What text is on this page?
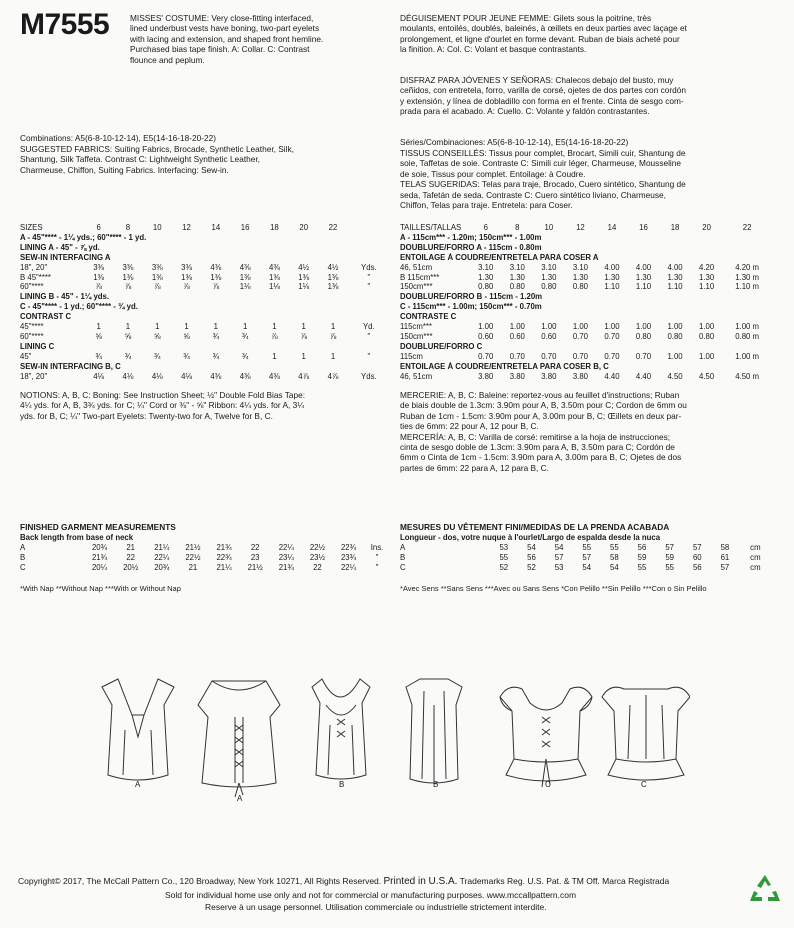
M7555	MISSES' COSTUME: Very close-fitting interfaced,
lined underbust vests have boning, two-part eyelets
with lacing and extension, and shaped front hemline.
Purchased bias tape finish. A: Collar. C: Contrast
flounce and peplum.
DÉGUISEMENT POUR JEUNE FEMME: Gilets sous la poitrine, très
moulants, entoilés, doublés, baleinés, à œillets en deux parties avec laçage et
prolongement, et ligne d'ourlet en forme devant. Ruban de biais acheté pour
la finition. A: Col. C: Volant et basque contrastants.
DISFRAZ PARA JÓVENES Y SEÑORAS: Chalecos debajo del busto, muy
ceñidos, con entretela, forro, varilla de corsé, ojetes de dos partes con cordón
y extensión, y línea de dobladillo con forma en el frente. Cinta de sesgo com-
prada para el acabado. A: Cuello. C: Volante y faldón contrastantes.
Combinations: A5(6-8-10-12-14), E5(14-16-18-20-22)
SUGGESTED FABRICS: Suiting Fabrics, Brocade, Synthetic Leather, Silk,
Shantung, Silk Taffeta. Contrast C: Lightweight Synthetic Leather,
Charmeuse, Chiffon, Suiting Fabrics. Interfacing: Sew-in.
SIZES	6	8	10	12	14	16	18	20	22	
A - 45"**** - 1¼ yds.; 60"**** - 1 yd.										
LINING A - 45" - ⅞ yd.										
SEW-IN INTERFACING A										
18", 20"	3⅜	3⅜	3⅜	3⅜	4⅜	4⅜	4⅜	4½	4½	Yds.
B 45"****	1⅜	1⅜	1⅜	1⅜	1⅜	1⅜	1⅜	1⅜	1⅜	"
60"****	⅞	⅞	⅞	⅞	⅞	1⅛	1⅛	1⅛	1⅜	"
LINING B - 45" - 1¼ yds.										
C - 45"**** - 1 yd.; 60"**** - ¾ yd.										
CONTRAST C										
45"****	1	1	1	1	1	1	1	1	1	Yd.
60"****	⅝	⅝	⅝	⅝	¾	¾	⅞	⅞	⅞	"
LINING C										
45"	¾	¾	¾	¾	¾	¾	1	1	1	"
SEW-IN INTERFACING B, C										
18", 20"	4⅛	4⅛	4⅛	4⅛	4⅜	4⅜	4⅜	4⅞	4⅞	Yds.
NOTIONS: A, B, C: Boning: See Instruction Sheet; ½" Double Fold Bias Tape:
4¼ yds. for A, B, 3¾ yds. for C; ¼" Cord or ⅜" - ⅝" Ribbon: 4¼ yds. for A, 3¼
yds. for B, C; ¼" Two-part Eyelets: Twenty-two for A, Twelve for B, C.
FINISHED GARMENT MEASUREMENTS
Back length from base of neck										
A	20¾	21	21¼	21½	21¾	22	22¼	22½	22¾	Ins.
B	21¾	22	22¼	22½	22¾	23	23¼	23½	23¾	"
C	20¼	20½	20¾	21	21¼	21½	21¾	22	22¼	"
*With Nap **Without Nap ***With or Without Nap
Séries/Combinaciones: A5(6-8-10-12-14), E5(14-16-18-20-22)
TISSUS CONSEILLÉS: Tissus pour complet, Brocart, Simili cuir, Shantung de
soie, Taffetas de soie. Contraste C: Simili cuir léger, Charmeuse, Mousseline
de soie, Tissus pour complet. Entoilage: à Coudre.
TELAS SUGERIDAS: Telas para traje, Brocado, Cuero sintético, Shantung de
seda, Tafetán de seda. Contraste C: Cuero sintético liviano, Charmeuse,
Chiffon, Telas para traje. Entretela: para Coser.
TAILLES/TALLAS	6	8	10	12	14	16	18	20	22	
A - 115cm*** - 1.20m; 150cm*** - 1.00m										
DOUBLURE/FORRO A - 115cm - 0.80m										
ENTOILAGE À COUDRE/ENTRETELA PARA COSER A										
46, 51cm	3.10	3.10	3.10	3.10	4.00	4.00	4.00	4.20	4.20 m	
B 115cm***	1.30	1.30	1.30	1.30	1.30	1.30	1.30	1.30	1.30 m	
150cm***	0.80	0.80	0.80	0.80	1.10	1.10	1.10	1.10	1.10 m	
DOUBLURE/FORRO B - 115cm - 1.20m										
C - 115cm*** - 1.00m; 150cm*** - 0.70m										
CONTRASTE C										
115cm***	1.00	1.00	1.00	1.00	1.00	1.00	1.00	1.00	1.00 m	
150cm***	0.60	0.60	0.60	0.70	0.70	0.80	0.80	0.80	0.80 m	
DOUBLURE/FORRO C										
115cm	0.70	0.70	0.70	0.70	0.70	0.70	1.00	1.00	1.00 m	
ENTOILAGE À COUDRE/ENTRETELA PARA COSER B, C										
46, 51cm	3.80	3.80	3.80	3.80	4.40	4.40	4.50	4.50	4.50 m	
MERCERIE: A, B, C: Baleine: reportez-vous au feuillet d'instructions; Ruban
de biais double de 1.3cm: 3.90m pour A, B, 3.50m pour C; Cordon de 6mm ou
Ruban de 1cm - 1.5cm: 3.90m pour A, 3.00m pour B, C; Œillets en deux par-
ties de 6mm: 22 pour A, 12 pour B, C.
MERCERÍA: A, B, C: Varilla de corsé: remitirse a la hoja de instrucciones;
cinta de sesgo doble de 1.3cm: 3.90m para A, B, 3.50m para C; Cordón de
6mm o Cinta de 1cm - 1.5cm: 3.90m para A, 3.00m para B, C; Ojetes de dos
partes de 6mm: 22 para A, 12 para B, C.
MESURES DU VÊTEMENT FINI/MEDIDAS DE LA PRENDA ACABADA
Longueur - dos, votre nuque à l'ourlet/Largo de espalda desde la nuca										
A	53	54	54	55	55	56	57	57	58	cm
B	55	56	57	57	58	59	59	60	61	cm
C	52	52	53	54	54	55	55	56	57	cm
*Avec Sens **Sans Sens ***Avec ou Sans Sens *Con Pelillo **Sin Pelillo ***Con o Sin Pelillo
A
A
B	B	C	C
Copyright© 2017, The McCall Pattern Co., 120 Broadway, New York 10271, All Rights Reserved. Printed in U.S.A. Trademarks Reg. U.S. Pat. & TM Off. Marca Registrada
Sold for individual home use only and not for commercial or manufacturing purposes. www.mccallpattern.com
Reserve à un usage personnel. Utilisation commerciale ou industrielle strictement interdite.
